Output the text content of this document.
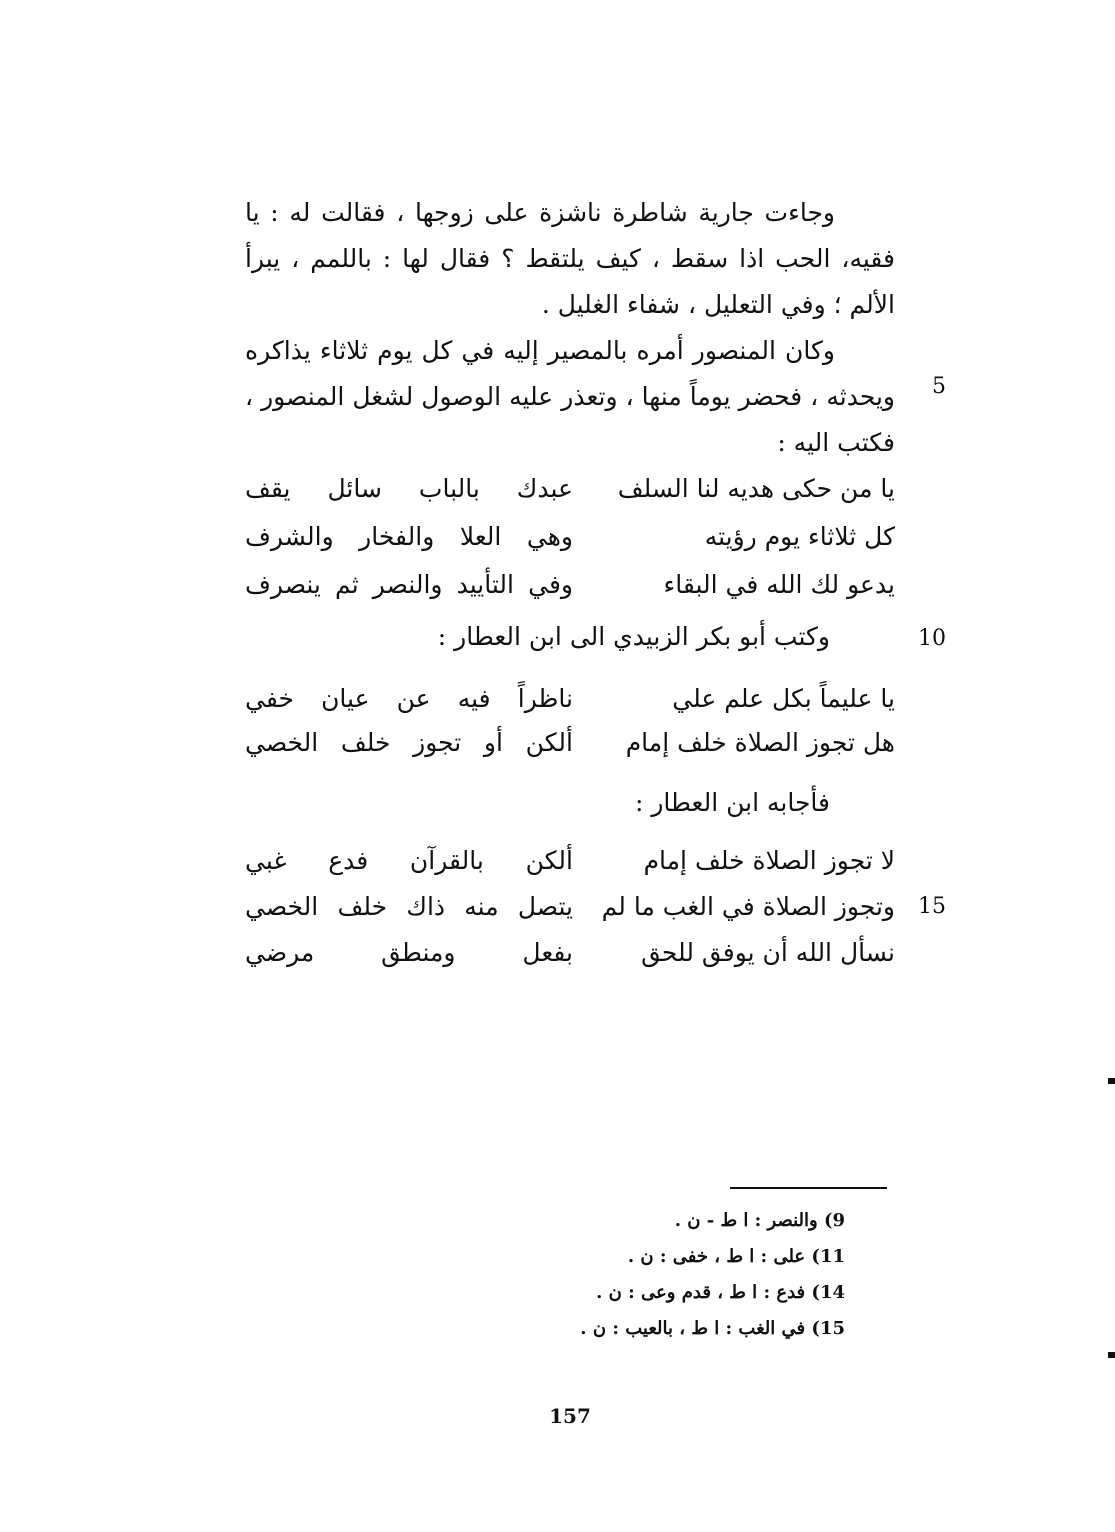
وجاءت جارية شاطرة ناشزة على زوجها ، فقالت له : يا فقيه، الحب اذا سقط ، كيف يلتقط ؟ فقال لها : باللمم ، يبرأ الألم ؛ وفي التعليل ، شفاء الغليل .

وكان المنصور أمره بالمصير إليه في كل يوم ثلاثاء يذاكره ويحدثه ، فحضر يوماً منها ، وتعذر عليه الوصول لشغل المنصور ، فكتب اليه :

5
يا من حكى هديه لنا السلف
عبدك بالباب سائل يقف
كل ثلاثاء يوم رؤيته
وهي العلا والفخار والشرف
يدعو لك الله في البقاء
وفي التأييد والنصر ثم ينصرف
وكتب أبو بكر الزبيدي الى ابن العطار :	10
يا عليماً بكل علم علي
ناظراً فيه عن عيان خفي
هل تجوز الصلاة خلف إمام
ألكن أو تجوز خلف الخصي
فأجابه ابن العطار :
لا تجوز الصلاة خلف إمام
ألكن بالقرآن فدع غبي
وتجوز الصلاة في الغب ما لم
يتصل منه ذاك خلف الخصي	15
نسأل الله أن يوفق للحق
بفعل ومنطق مرضي
9) والنصر : ا ط - ن .
11) على : ا ط ، خفى : ن .
14) فدع : ا ط ، قدم وعى : ن .
15) في الغب : ا ط ، بالعيب : ن .
157
